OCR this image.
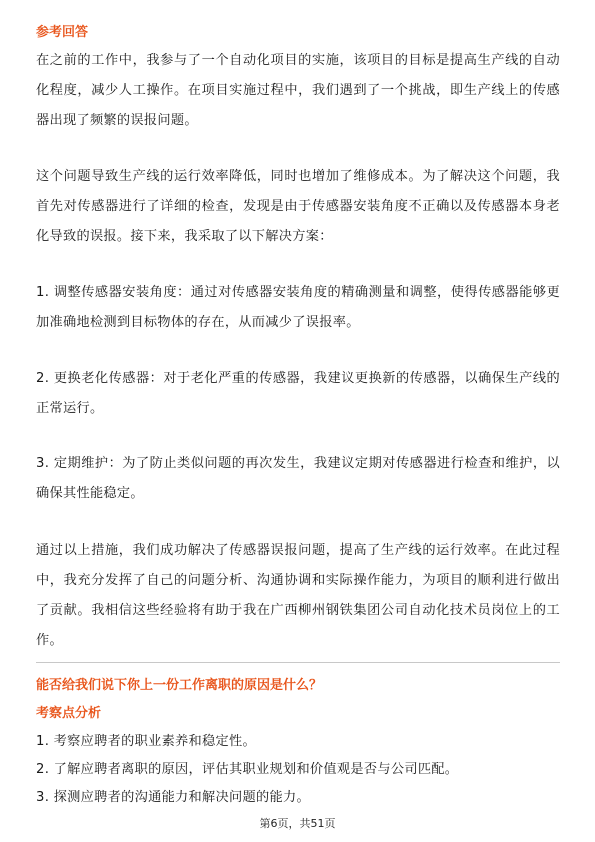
参考回答
在之前的工作中，我参与了一个自动化项目的实施，该项目的目标是提高生产线的自动化程度，减少人工操作。在项目实施过程中，我们遇到了一个挑战，即生产线上的传感器出现了频繁的误报问题。
这个问题导致生产线的运行效率降低，同时也增加了维修成本。为了解决这个问题，我首先对传感器进行了详细的检查，发现是由于传感器安装角度不正确以及传感器本身老化导致的误报。接下来，我采取了以下解决方案：
1. 调整传感器安装角度：通过对传感器安装角度的精确测量和调整，使得传感器能够更加准确地检测到目标物体的存在，从而减少了误报率。
2. 更换老化传感器：对于老化严重的传感器，我建议更换新的传感器，以确保生产线的正常运行。
3. 定期维护：为了防止类似问题的再次发生，我建议定期对传感器进行检查和维护，以确保其性能稳定。
通过以上措施，我们成功解决了传感器误报问题，提高了生产线的运行效率。在此过程中，我充分发挥了自己的问题分析、沟通协调和实际操作能力，为项目的顺利进行做出了贡献。我相信这些经验将有助于我在广西柳州钢铁集团公司自动化技术员岗位上的工作。
能否给我们说下你上一份工作离职的原因是什么？
考察点分析
1. 考察应聘者的职业素养和稳定性。
2. 了解应聘者离职的原因，评估其职业规划和价值观是否与公司匹配。
3. 探测应聘者的沟通能力和解决问题的能力。
第6页，共51页
